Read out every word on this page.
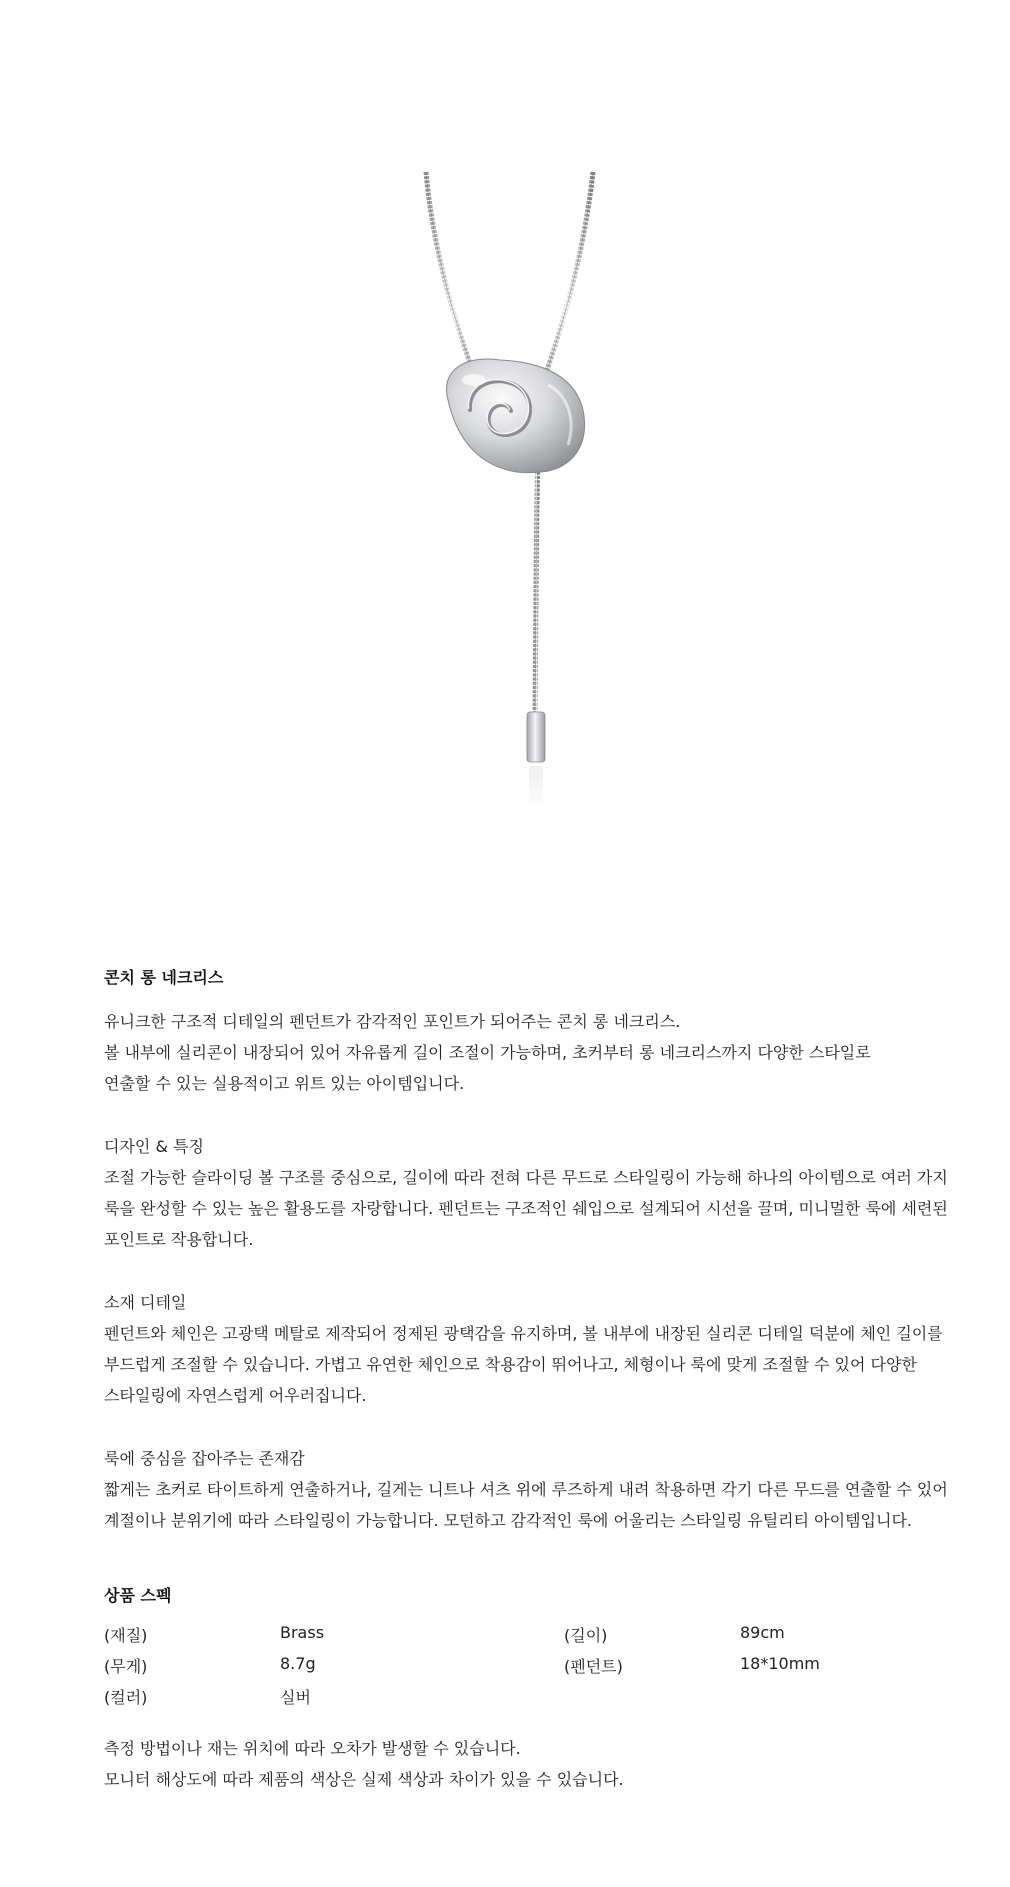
콘치 롱 네크리스
유니크한 구조적 디테일의 펜던트가 감각적인 포인트가 되어주는 콘치 롱 네크리스.
볼 내부에 실리콘이 내장되어 있어 자유롭게 길이 조절이 가능하며, 초커부터 롱 네크리스까지 다양한 스타일로
연출할 수 있는 실용적이고 위트 있는 아이템입니다.
디자인 & 특징
조절 가능한 슬라이딩 볼 구조를 중심으로, 길이에 따라 전혀 다른 무드로 스타일링이 가능해 하나의 아이템으로 여러 가지
룩을 완성할 수 있는 높은 활용도를 자랑합니다. 펜던트는 구조적인 쉐입으로 설계되어 시선을 끌며, 미니멀한 룩에 세련된
포인트로 작용합니다.
소재 디테일
펜던트와 체인은 고광택 메탈로 제작되어 정제된 광택감을 유지하며, 볼 내부에 내장된 실리콘 디테일 덕분에 체인 길이를
부드럽게 조절할 수 있습니다. 가볍고 유연한 체인으로 착용감이 뛰어나고, 체형이나 룩에 맞게 조절할 수 있어 다양한
스타일링에 자연스럽게 어우러집니다.
룩에 중심을 잡아주는 존재감
짧게는 초커로 타이트하게 연출하거나, 길게는 니트나 셔츠 위에 루즈하게 내려 착용하면 각기 다른 무드를 연출할 수 있어
계절이나 분위기에 따라 스타일링이 가능합니다. 모던하고 감각적인 룩에 어울리는 스타일링 유틸리티 아이템입니다.
상품 스펙
(재질)	Brass	(길이)	89cm
(무게)	8.7g	(펜던트)	18*10mm
(컬러)	실버
측정 방법이나 재는 위치에 따라 오차가 발생할 수 있습니다.
모니터 해상도에 따라 제품의 색상은 실제 색상과 차이가 있을 수 있습니다.
